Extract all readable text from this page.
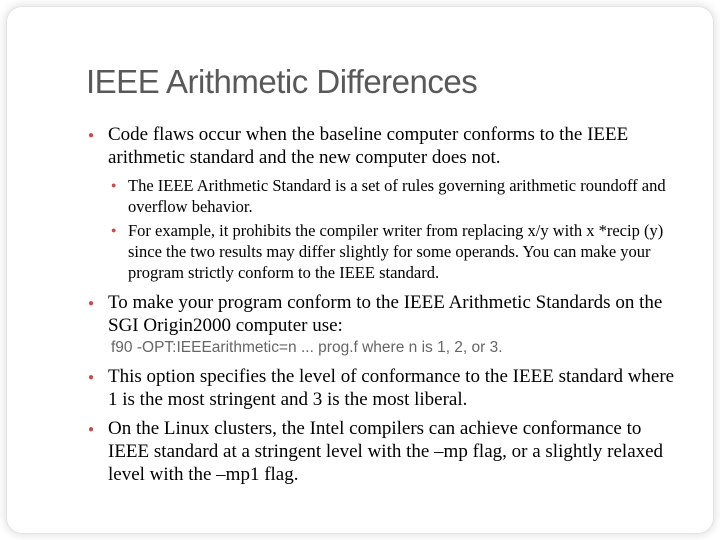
IEEE Arithmetic Differences
● Code flaws occur when the baseline computer conforms to the IEEE arithmetic standard and the new computer does not.
● The IEEE Arithmetic Standard is a set of rules governing arithmetic roundoff and overflow behavior.
● For example, it prohibits the compiler writer from replacing x/y with x *recip (y) since the two results may differ slightly for some operands. You can make your program strictly conform to the IEEE standard.
● To make your program conform to the IEEE Arithmetic Standards on the SGI Origin2000 computer use:
f90 -OPT:IEEEarithmetic=n ... prog.f where n is 1, 2, or 3.
● This option specifies the level of conformance to the IEEE standard where 1 is the most stringent and 3 is the most liberal.
● On the Linux clusters, the Intel compilers can achieve conformance to IEEE standard at a stringent level with the –mp flag, or a slightly relaxed level with the –mp1 flag.
